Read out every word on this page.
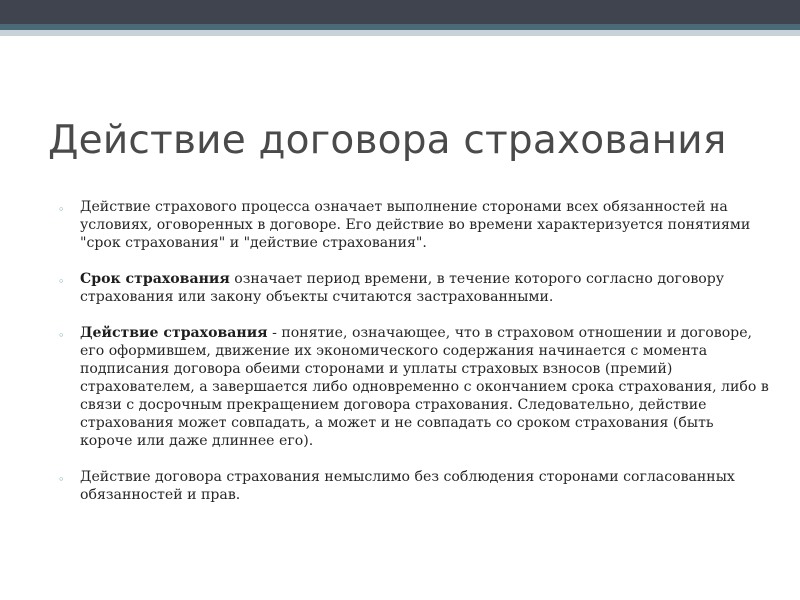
Действие договора страхования
◦ Действие страхового процесса означает выполнение сторонами всех обязанностей на условиях, оговоренных в договоре. Его действие во времени характеризуется понятиями "срок страхования" и "действие страхования".
◦ Срок страхования означает период времени, в течение которого согласно договору страхования или закону объекты считаются застрахованными.
◦ Действие страхования - понятие, означающее, что в страховом отношении и договоре, его оформившем, движение их экономического содержания начинается с момента подписания договора обеими сторонами и уплаты страховых взносов (премий) страхователем, а завершается либо одновременно с окончанием срока страхования, либо в связи с досрочным прекращением договора страхования. Следовательно, действие страхования может совпадать, а может и не совпадать со сроком страхования (быть короче или даже длиннее его).
◦ Действие договора страхования немыслимо без соблюдения сторонами согласованных обязанностей и прав.
